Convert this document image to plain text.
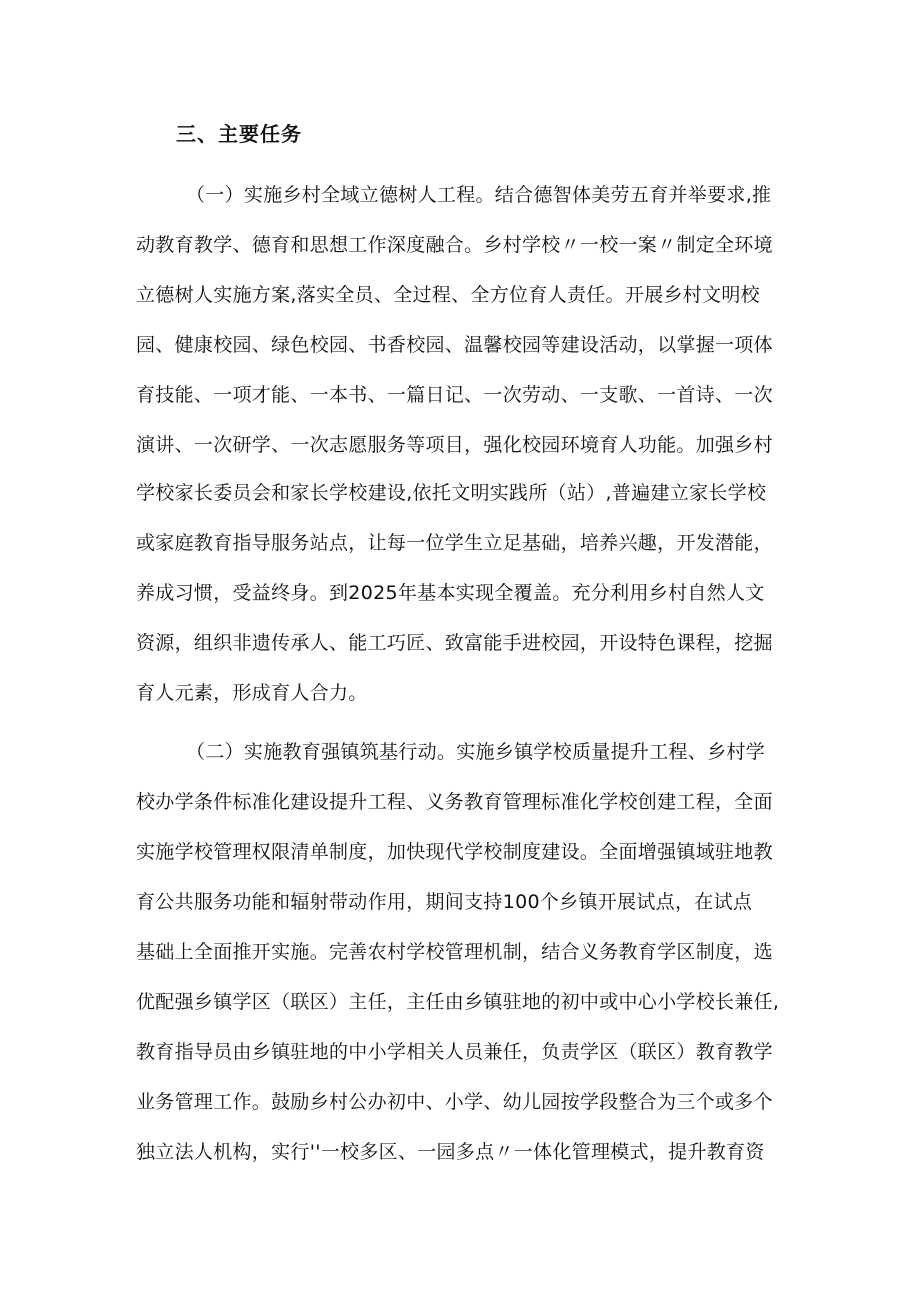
三、主要任务
（一）实施乡村全域立德树人工程。结合德智体美劳五育并举要求,推
动教育教学、德育和思想工作深度融合。乡村学校〃一校一案〃制定全环境
立德树人实施方案,落实全员、全过程、全方位育人责任。开展乡村文明校
园、健康校园、绿色校园、书香校园、温馨校园等建设活动，以掌握一项体
育技能、一项才能、一本书、一篇日记、一次劳动、一支歌、一首诗、一次
演讲、一次研学、一次志愿服务等项目，强化校园环境育人功能。加强乡村
学校家长委员会和家长学校建设,依托文明实践所（站）,普遍建立家长学校
或家庭教育指导服务站点，让每一位学生立足基础，培养兴趣，开发潜能，
养成习惯，受益终身。到2025年基本实现全覆盖。充分利用乡村自然人文
资源，组织非遗传承人、能工巧匠、致富能手进校园，开设特色课程，挖掘
育人元素，形成育人合力。
（二）实施教育强镇筑基行动。实施乡镇学校质量提升工程、乡村学
校办学条件标准化建设提升工程、义务教育管理标准化学校创建工程，全面
实施学校管理权限清单制度，加快现代学校制度建设。全面增强镇域驻地教
育公共服务功能和辐射带动作用，期间支持100个乡镇开展试点，在试点
基础上全面推开实施。完善农村学校管理机制，结合义务教育学区制度，选
优配强乡镇学区（联区）主任，主任由乡镇驻地的初中或中心小学校长兼任,
教育指导员由乡镇驻地的中小学相关人员兼任，负责学区（联区）教育教学
业务管理工作。鼓励乡村公办初中、小学、幼儿园按学段整合为三个或多个
独立法人机构，实行''一校多区、一园多点〃一体化管理模式，提升教育资
